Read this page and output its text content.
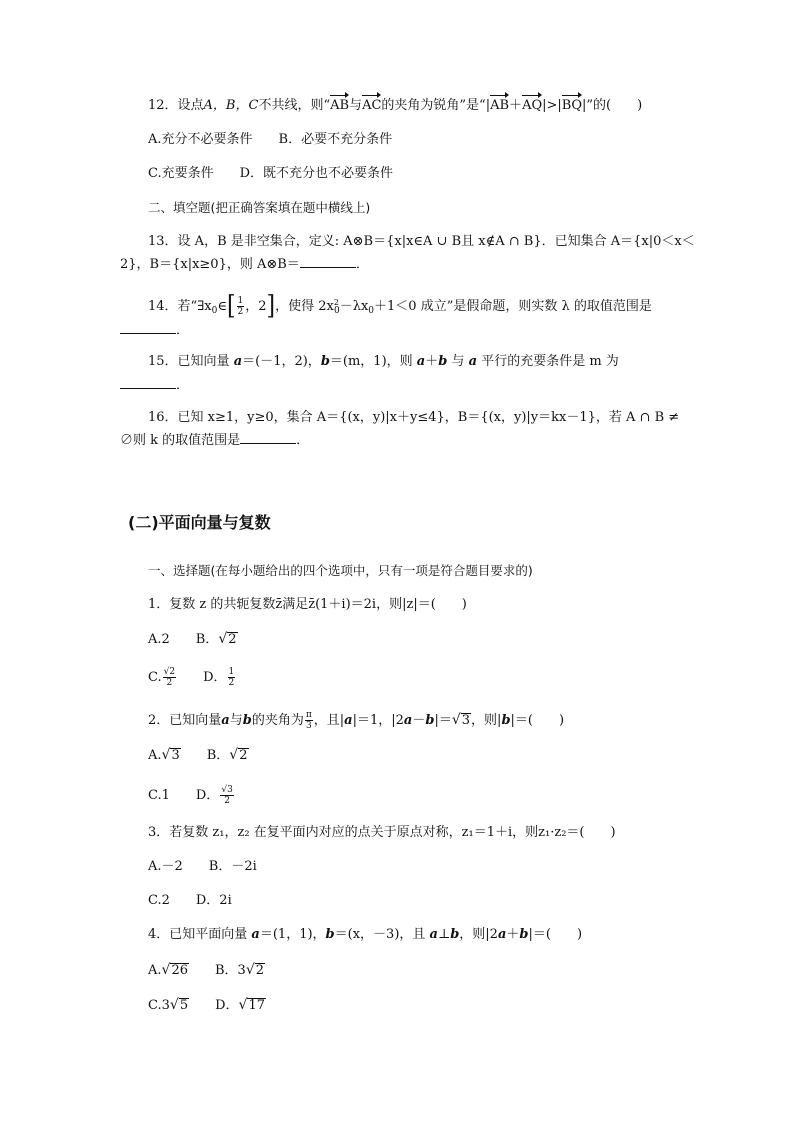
12．设点A，B，C不共线，则“AB与AC的夹角为锐角”是“|AB＋AQ|>|BQ|”的(　　)
A.充分不必要条件　　B．必要不充分条件
C.充要条件　　D．既不充分也不必要条件
二、填空题(把正确答案填在题中横线上)
13．设 A，B 是非空集合，定义: A⊗B＝{x|x∈A ∪ B且 x∉A ∩ B}．已知集合 A＝{x|0＜x＜
2}，B＝{x|x≥0}，则 A⊗B＝	．
14．若“$\exists x_0\in[ \frac{1}{2}$ ，2]，使得 $2x^2_0-\lambda x_0+1<0$ 成立”是假命题，则实数 λ 的取值范围是
．
15．已知向量 a＝(－1，2)，b＝(m，1)，则 a＋b 与 a 平行的充要条件是 m 为
．
16．已知 x≥1，y≥0，集合 A＝{(x，y)|x＋y≤4}，B＝{(x，y)|y＝kx－1}，若 A ∩ B ≠
∅则 k 的取值范围是	．
(二)平面向量与复数
一、选择题(在每小题给出的四个选项中，只有一项是符合题目要求的)
1．复数 z 的共轭复数z̄满足z̄(1＋i)＝2i，则|z|＝(　　)
A.2　　B．√2
C. $\frac{√2}{2}$ 　　D． $\frac{1}{2}$
2．已知向量a与b的夹角为 $\frac{\pi}{3}$ ，且|a|＝1，|2a－b|＝√3，则|b|＝(　　)
A.√3　　B．√2
C.1　　D． $\frac{√3}{2}$
3．若复数 z₁，z₂ 在复平面内对应的点关于原点对称，z₁＝1＋i，则z₁·z₂＝(　　)
A.－2　　B．－2i
C.2　　D．2i
4．已知平面向量 a＝(1，1)，b＝(x，－3)，且 a⊥b，则|2a＋b|＝(　　)
A.√26　　B．3√2
C.3√5　　D．√17
